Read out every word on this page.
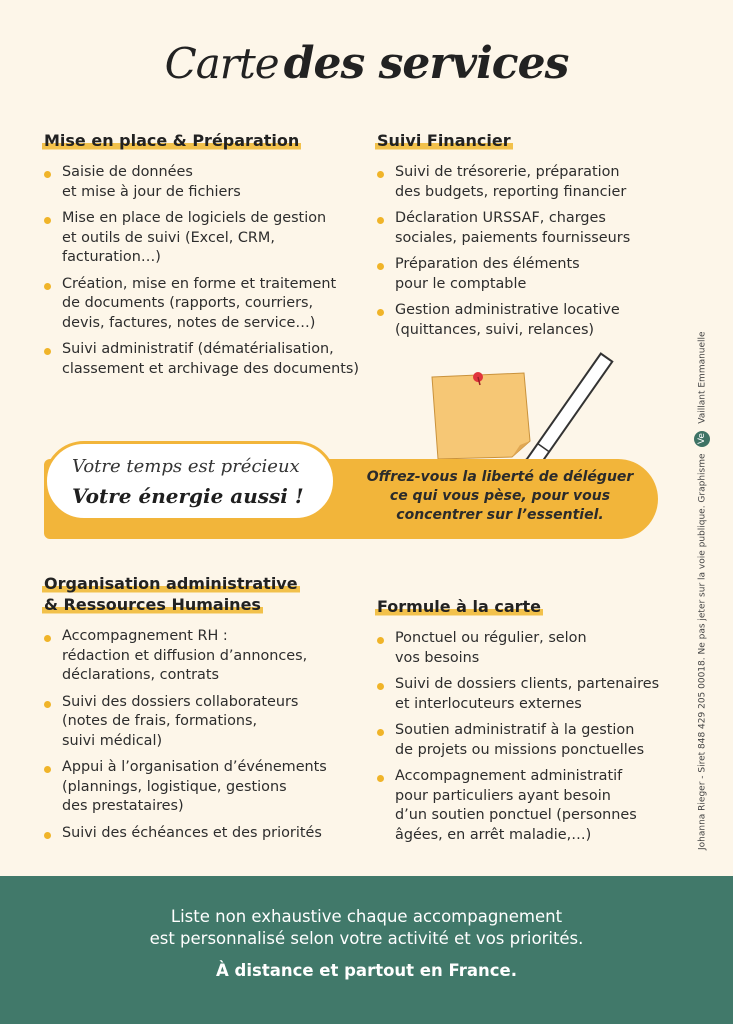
Carte des services
Mise en place & Préparation
Saisie de données
et mise à jour de fichiers
Mise en place de logiciels de gestion
et outils de suivi (Excel, CRM,
facturation…)
Création, mise en forme et traitement
de documents (rapports, courriers,
devis, factures, notes de service…)
Suivi administratif (dématérialisation,
classement et archivage des documents)
Suivi Financier
Suivi de trésorerie, préparation
des budgets, reporting financier
Déclaration URSSAF, charges
sociales, paiements fournisseurs
Préparation des éléments
pour le comptable
Gestion administrative locative
(quittances, suivi, relances)
Votre temps est précieux
Votre énergie aussi !
Offrez-vous la liberté de déléguer
ce qui vous pèse, pour vous
concentrer sur l’essentiel.
Organisation administrative
& Ressources Humaines
Accompagnement RH :
rédaction et diffusion d’annonces,
déclarations, contrats
Suivi des dossiers collaborateurs
(notes de frais, formations,
suivi médical)
Appui à l’organisation d’événements
(plannings, logistique, gestions
des prestataires)
Suivi des échéances et des priorités
Formule à la carte
Ponctuel ou régulier, selon
vos besoins
Suivi de dossiers clients, partenaires
et interlocuteurs externes
Soutien administratif à la gestion
de projets ou missions ponctuelles
Accompagnement administratif
pour particuliers ayant besoin
d’un soutien ponctuel (personnes
âgées, en arrêt maladie,…)	Johanna Rieger - Siret 848 429 205 00018. Ne pas jeter sur la voie publique. Graphisme Ve Vaillant Emmanuelle
Liste non exhaustive chaque accompagnement
est personnalisé selon votre activité et vos priorités.
À distance et partout en France.
